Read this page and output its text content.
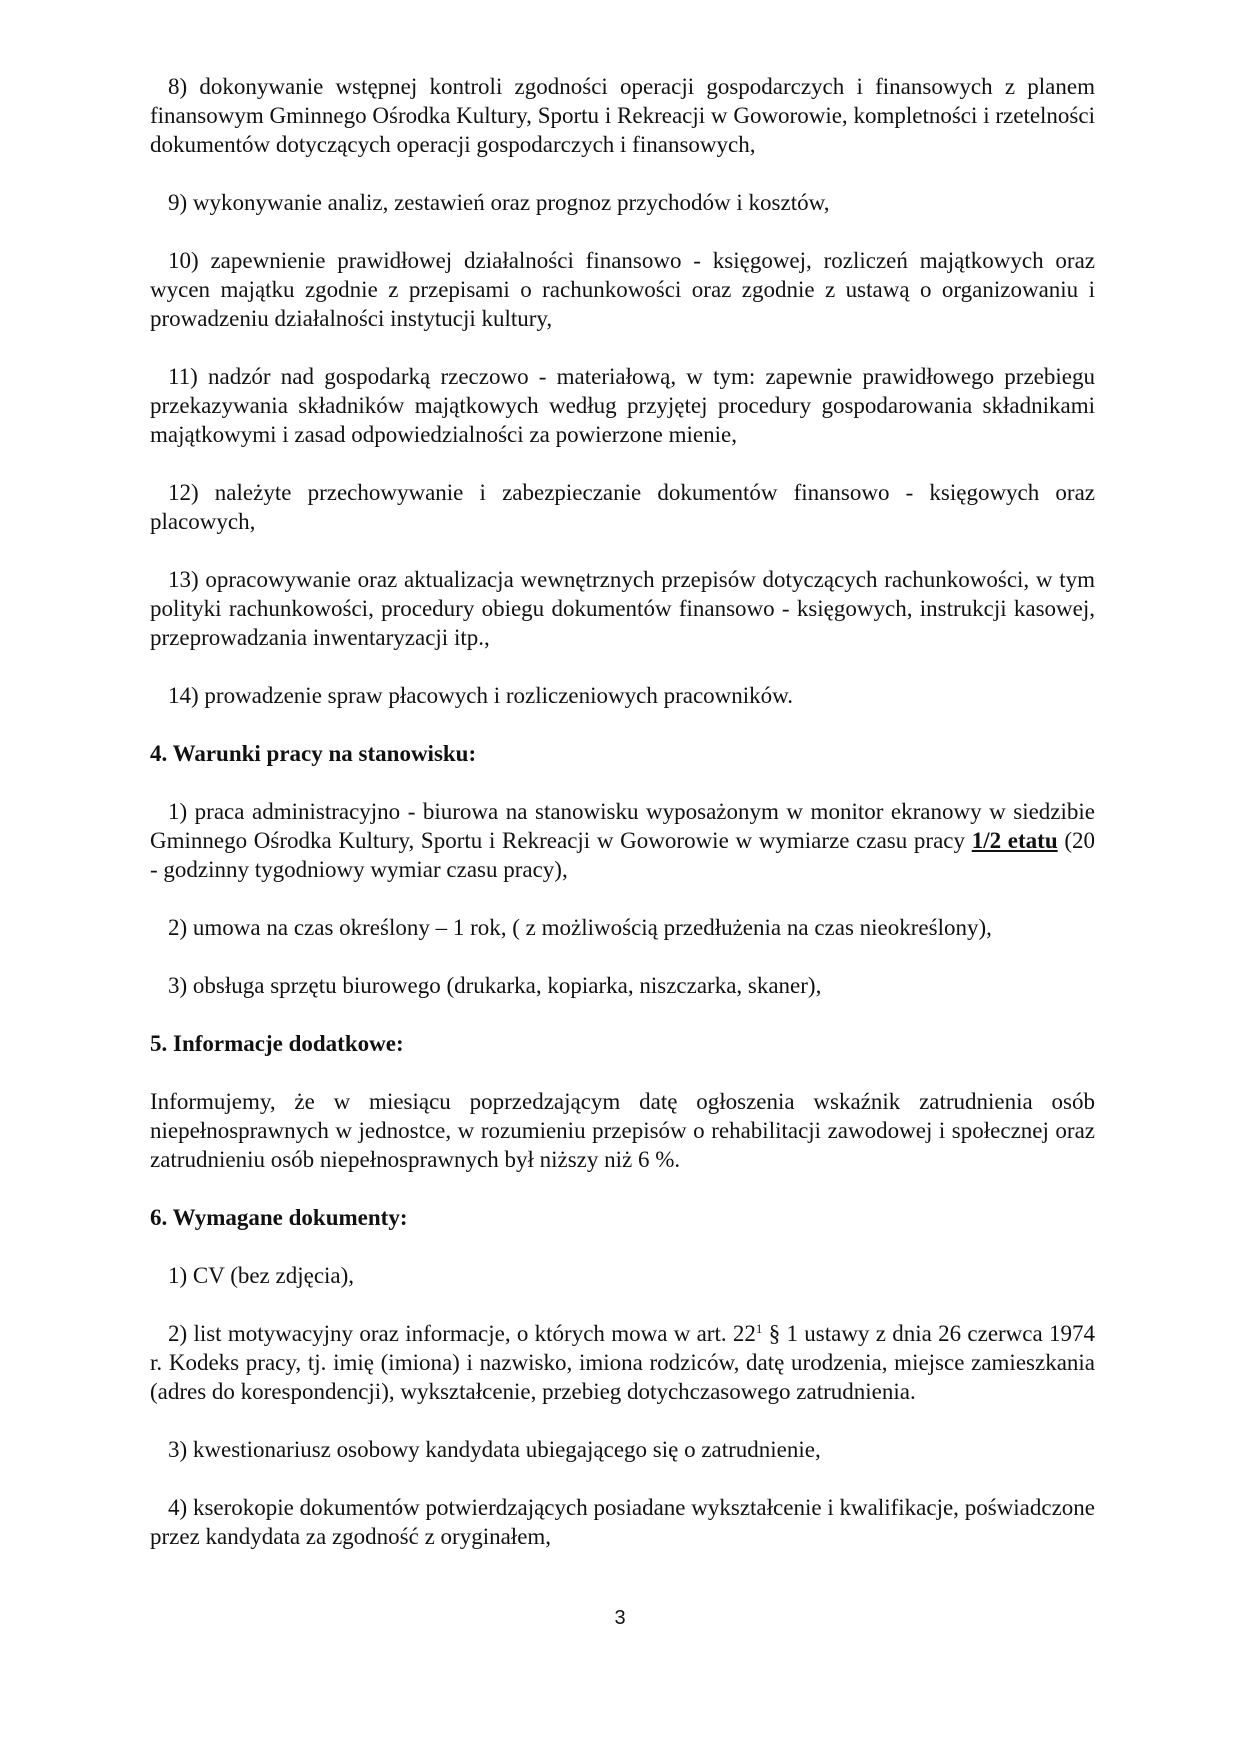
8) dokonywanie wstępnej kontroli zgodności operacji gospodarczych i finansowych z planem finansowym Gminnego Ośrodka Kultury, Sportu i Rekreacji w Goworowie, kompletności i rzetelności dokumentów dotyczących operacji gospodarczych i finansowych,

9) wykonywanie analiz, zestawień oraz prognoz przychodów i kosztów,

10) zapewnienie prawidłowej działalności finansowo - księgowej, rozliczeń majątkowych oraz wycen majątku zgodnie z przepisami o rachunkowości oraz zgodnie z ustawą o organizowaniu i prowadzeniu działalności instytucji kultury,

11) nadzór nad gospodarką rzeczowo - materiałową, w tym: zapewnie prawidłowego przebiegu przekazywania składników majątkowych według przyjętej procedury gospodarowania składnikami majątkowymi i zasad odpowiedzialności za powierzone mienie,

12) należyte przechowywanie i zabezpieczanie dokumentów finansowo - księgowych oraz placowych,

13) opracowywanie oraz aktualizacja wewnętrznych przepisów dotyczących rachunkowości, w tym polityki rachunkowości, procedury obiegu dokumentów finansowo - księgowych, instrukcji kasowej, przeprowadzania inwentaryzacji itp.,

14) prowadzenie spraw płacowych i rozliczeniowych pracowników.

4. Warunki pracy na stanowisku:

1) praca administracyjno - biurowa na stanowisku wyposażonym w monitor ekranowy w siedzibie Gminnego Ośrodka Kultury, Sportu i Rekreacji w Goworowie w wymiarze czasu pracy 1/2 etatu (20 - godzinny tygodniowy wymiar czasu pracy),

2) umowa na czas określony – 1 rok, ( z możliwością przedłużenia na czas nieokreślony),

3) obsługa sprzętu biurowego (drukarka, kopiarka, niszczarka, skaner),

5. Informacje dodatkowe:

Informujemy, że w miesiącu poprzedzającym datę ogłoszenia wskaźnik zatrudnienia osób niepełnosprawnych w jednostce, w rozumieniu przepisów o rehabilitacji zawodowej i społecznej oraz zatrudnieniu osób niepełnosprawnych był niższy niż 6 %.

6. Wymagane dokumenty:

1) CV (bez zdjęcia),

2) list motywacyjny oraz informacje, o których mowa w art. $22^1$ § 1 ustawy z dnia 26 czerwca 1974 r. Kodeks pracy, tj. imię (imiona) i nazwisko, imiona rodziców, datę urodzenia, miejsce zamieszkania (adres do korespondencji), wykształcenie, przebieg dotychczasowego zatrudnienia.

3) kwestionariusz osobowy kandydata ubiegającego się o zatrudnienie,

4) kserokopie dokumentów potwierdzających posiadane wykształcenie i kwalifikacje, poświadczone przez kandydata za zgodność z oryginałem,

3
